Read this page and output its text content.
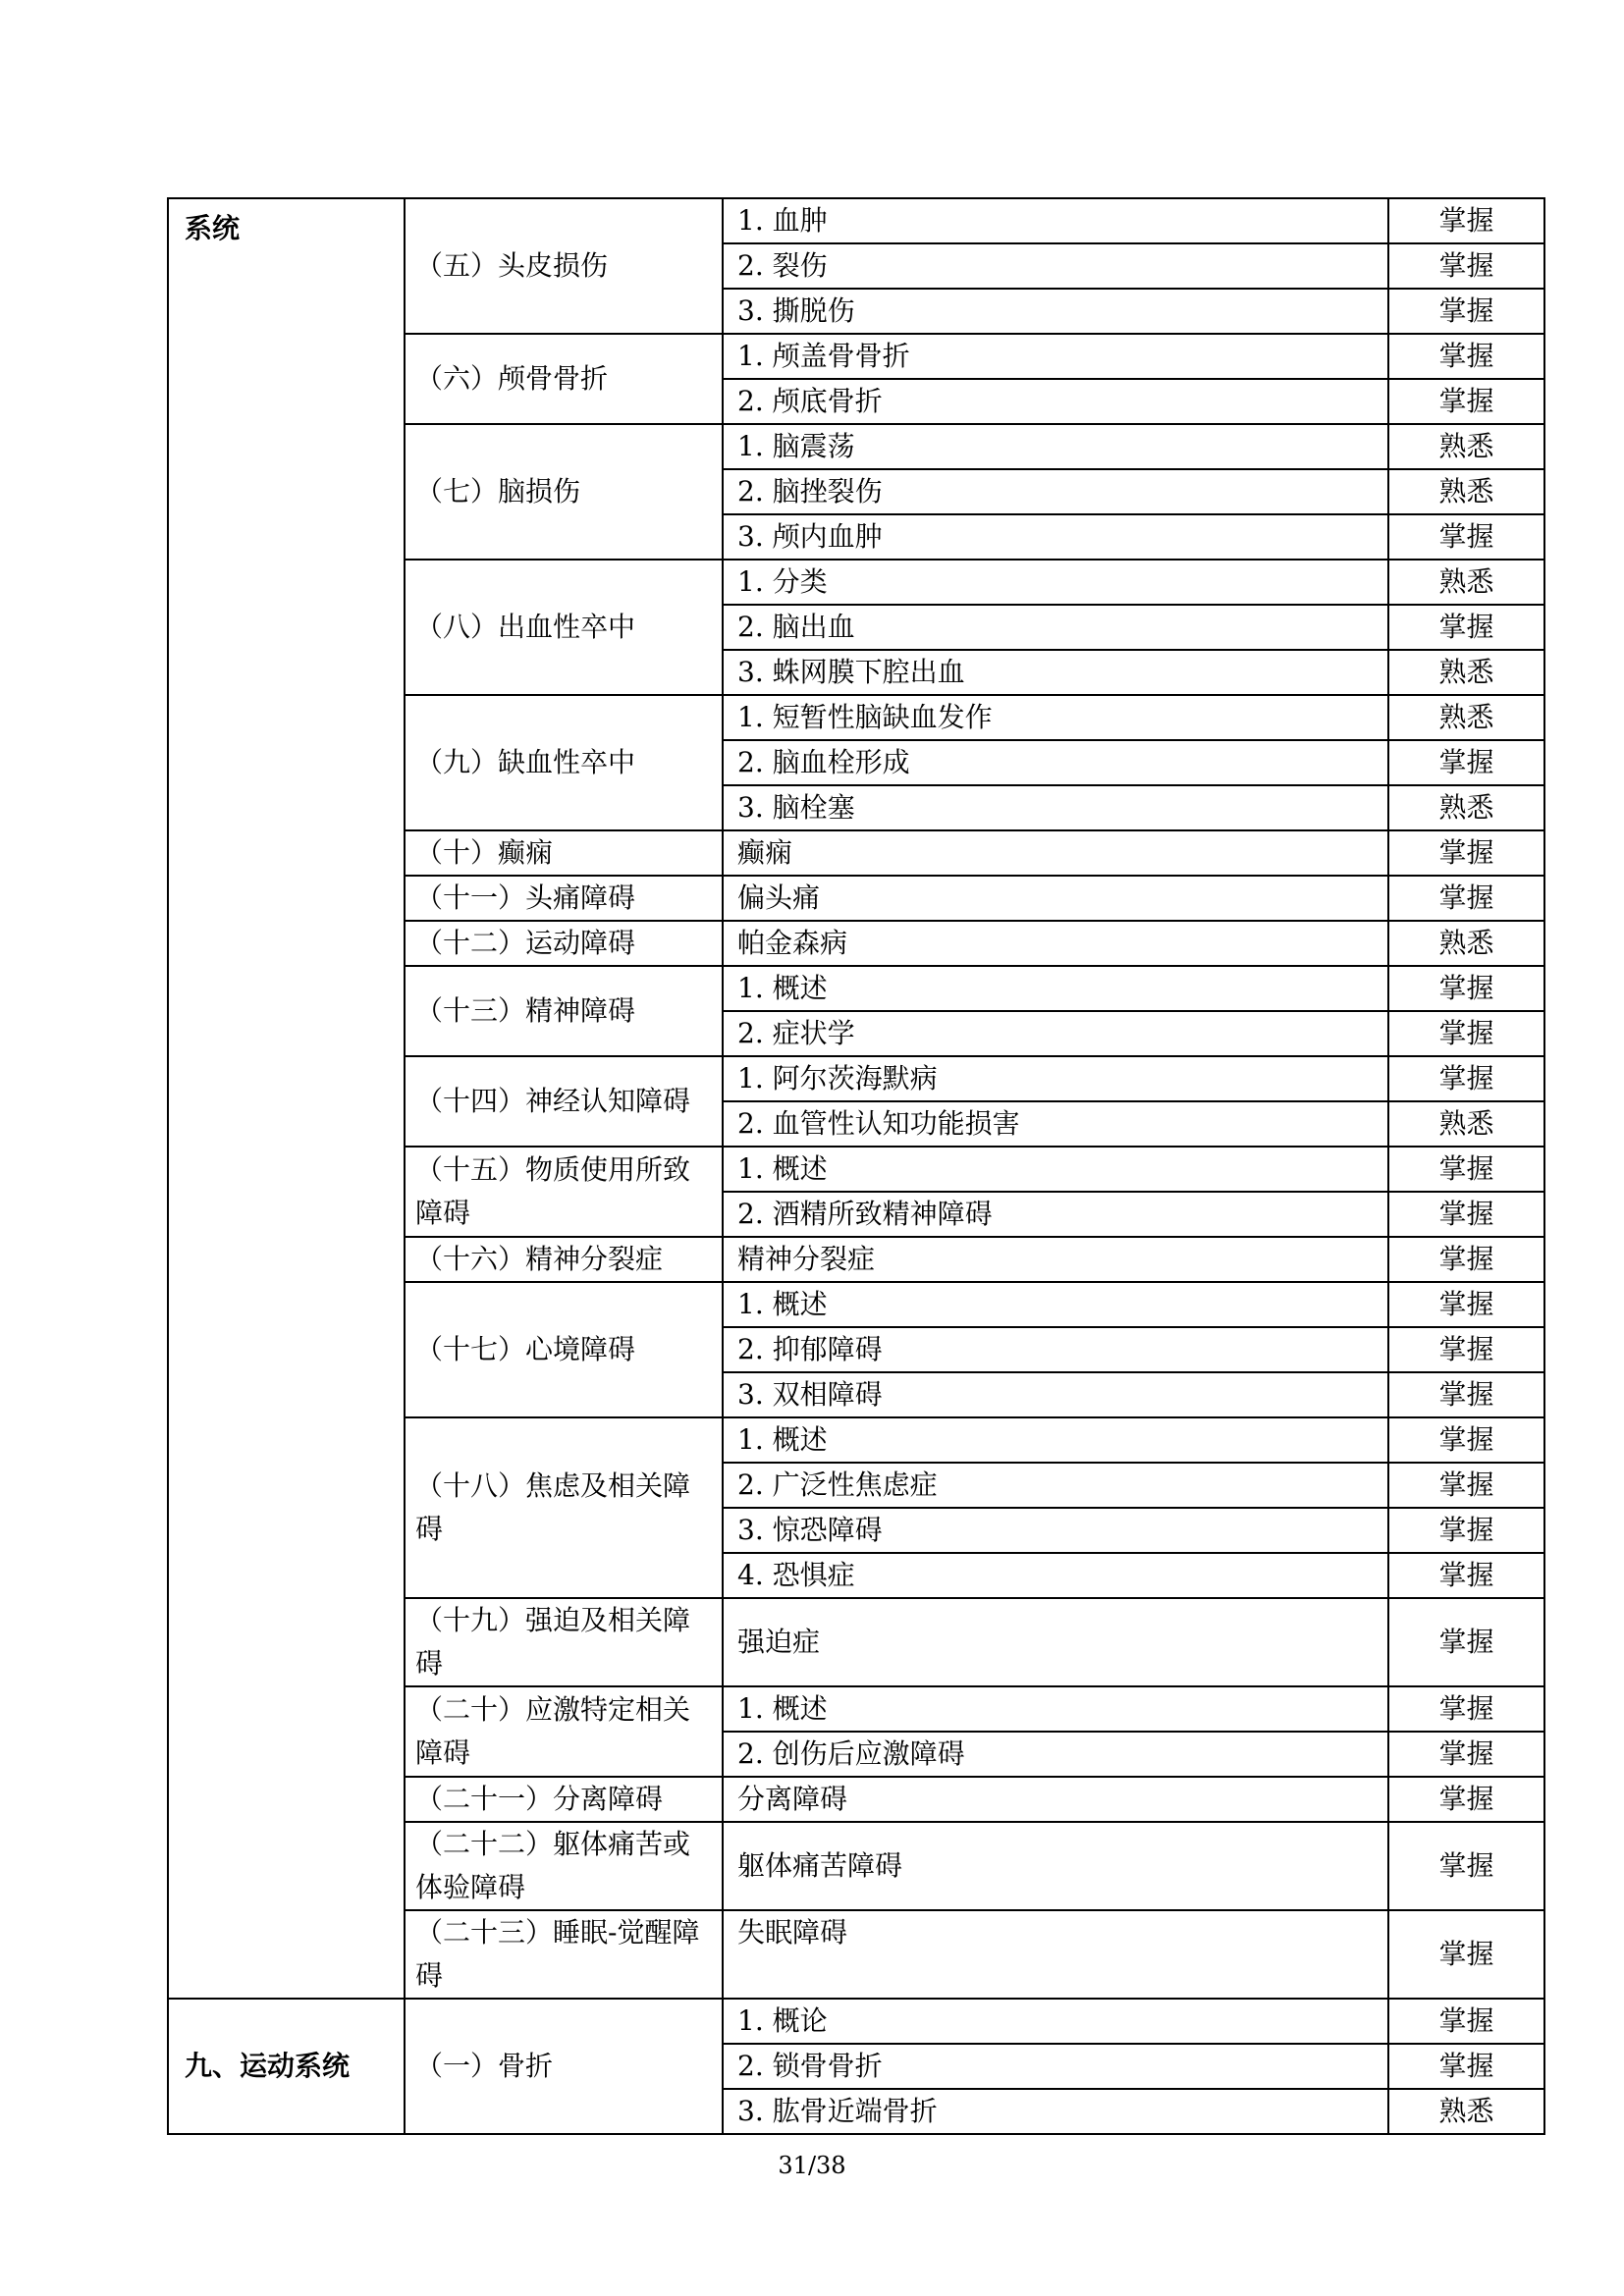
系统	（五）头皮损伤	1. 血肿	掌握
		2. 裂伤	掌握
		3. 撕脱伤	掌握
	（六）颅骨骨折	1. 颅盖骨骨折	掌握
		2. 颅底骨折	掌握
	（七）脑损伤	1. 脑震荡	熟悉
		2. 脑挫裂伤	熟悉
		3. 颅内血肿	掌握
	（八）出血性卒中	1. 分类	熟悉
		2. 脑出血	掌握
		3. 蛛网膜下腔出血	熟悉
	（九）缺血性卒中	1. 短暂性脑缺血发作	熟悉
		2. 脑血栓形成	掌握
		3. 脑栓塞	熟悉
	（十）癫痫	癫痫	掌握
	（十一）头痛障碍	偏头痛	掌握
	（十二）运动障碍	帕金森病	熟悉
	（十三）精神障碍	1. 概述	掌握
		2. 症状学	掌握
	（十四）神经认知障碍	1. 阿尔茨海默病	掌握
		2. 血管性认知功能损害	熟悉
	（十五）物质使用所致障碍	1. 概述	掌握
		2. 酒精所致精神障碍	掌握
	（十六）精神分裂症	精神分裂症	掌握
	（十七）心境障碍	1. 概述	掌握
		2. 抑郁障碍	掌握
		3. 双相障碍	掌握
	（十八）焦虑及相关障碍	1. 概述	掌握
		2. 广泛性焦虑症	掌握
		3. 惊恐障碍	掌握
		4. 恐惧症	掌握
	（十九）强迫及相关障碍	强迫症	掌握
	（二十）应激特定相关障碍	1. 概述	掌握
		2. 创伤后应激障碍	掌握
	（二十一）分离障碍	分离障碍	掌握
	（二十二）躯体痛苦或体验障碍	躯体痛苦障碍	掌握
	（二十三）睡眠-觉醒障碍	失眠障碍	掌握
九、运动系统	（一）骨折	1. 概论	掌握
		2. 锁骨骨折	掌握
		3. 肱骨近端骨折	熟悉
31/38
